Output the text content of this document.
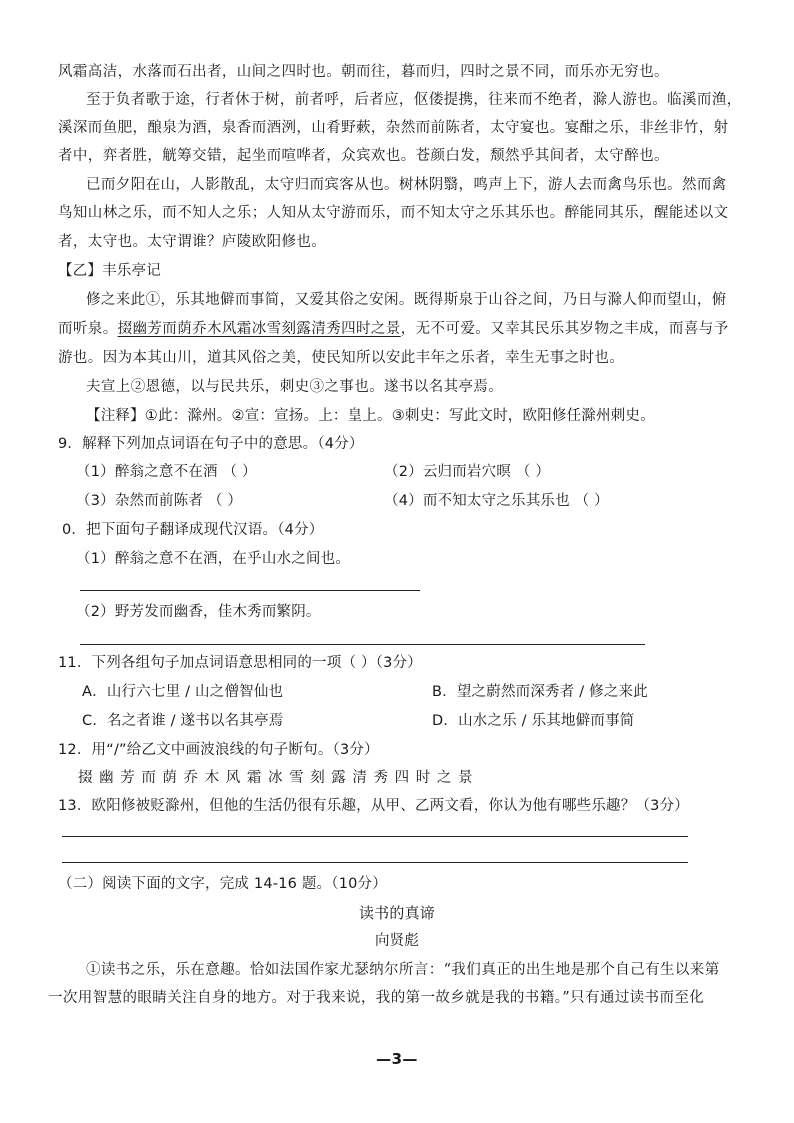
风霜高洁，水落而石出者，山间之四时也。朝而往，暮而归，四时之景不同，而乐亦无穷也。
至于负者歌于途，行者休于树，前者呼，后者应，伛偻提携，往来而不绝者，滁人游也。临溪而渔，
溪深而鱼肥，酿泉为酒，泉香而酒洌，山肴野蔌，杂然而前陈者，太守宴也。宴酣之乐，非丝非竹，射
者中，弈者胜，觥筹交错，起坐而喧哗者，众宾欢也。苍颜白发，颓然乎其间者，太守醉也。
已而夕阳在山，人影散乱，太守归而宾客从也。树林阴翳，鸣声上下，游人去而禽鸟乐也。然而禽
鸟知山林之乐，而不知人之乐；人知从太守游而乐，而不知太守之乐其乐也。醉能同其乐，醒能述以文
者，太守也。太守谓谁？庐陵欧阳修也。
【乙】丰乐亭记
修之来此①，乐其地僻而事简，又爱其俗之安闲。既得斯泉于山谷之间，乃日与滁人仰而望山，俯
而听泉。掇幽芳而荫乔木风霜冰雪刻露清秀四时之景，无不可爱。又幸其民乐其岁物之丰成，而喜与予
游也。因为本其山川，道其风俗之美，使民知所以安此丰年之乐者，幸生无事之时也。
夫宣上②恩德，以与民共乐，刺史③之事也。遂书以名其亭焉。
【注释】①此：滁州。②宣：宣扬。上：皇上。③刺史：写此文时，欧阳修任滁州刺史。
9．解释下列加点词语在句子中的意思。（4分）
（1）醉翁之意不在酒 （ ）	（2）云归而岩穴暝 （ ）
（3）杂然而前陈者 （ ）	（4）而不知太守之乐其乐也 （ ）
0．把下面句子翻译成现代汉语。（4分）
（1）醉翁之意不在酒，在乎山水之间也。
（2）野芳发而幽香，佳木秀而繁阴。
11．下列各组句子加点词语意思相同的一项（ ）（3分）
A．山行六七里 / 山之僧智仙也	B．望之蔚然而深秀者 / 修之来此
C．名之者谁 / 遂书以名其亭焉	D．山水之乐 / 乐其地僻而事简
12．用“/”给乙文中画波浪线的句子断句。（3分）
掇 幽 芳 而 荫 乔 木 风 霜 冰 雪 刻 露 清 秀 四 时 之 景
13．欧阳修被贬滁州，但他的生活仍很有乐趣，从甲、乙两文看，你认为他有哪些乐趣？（3分）
（二）阅读下面的文字，完成 14-16 题。（10分）
读书的真谛
向贤彪
①读书之乐，乐在意趣。恰如法国作家尤瑟纳尔所言：“我们真正的出生地是那个自己有生以来第
一次用智慧的眼睛关注自身的地方。对于我来说，我的第一故乡就是我的书籍。”只有通过读书而至化
—3—
